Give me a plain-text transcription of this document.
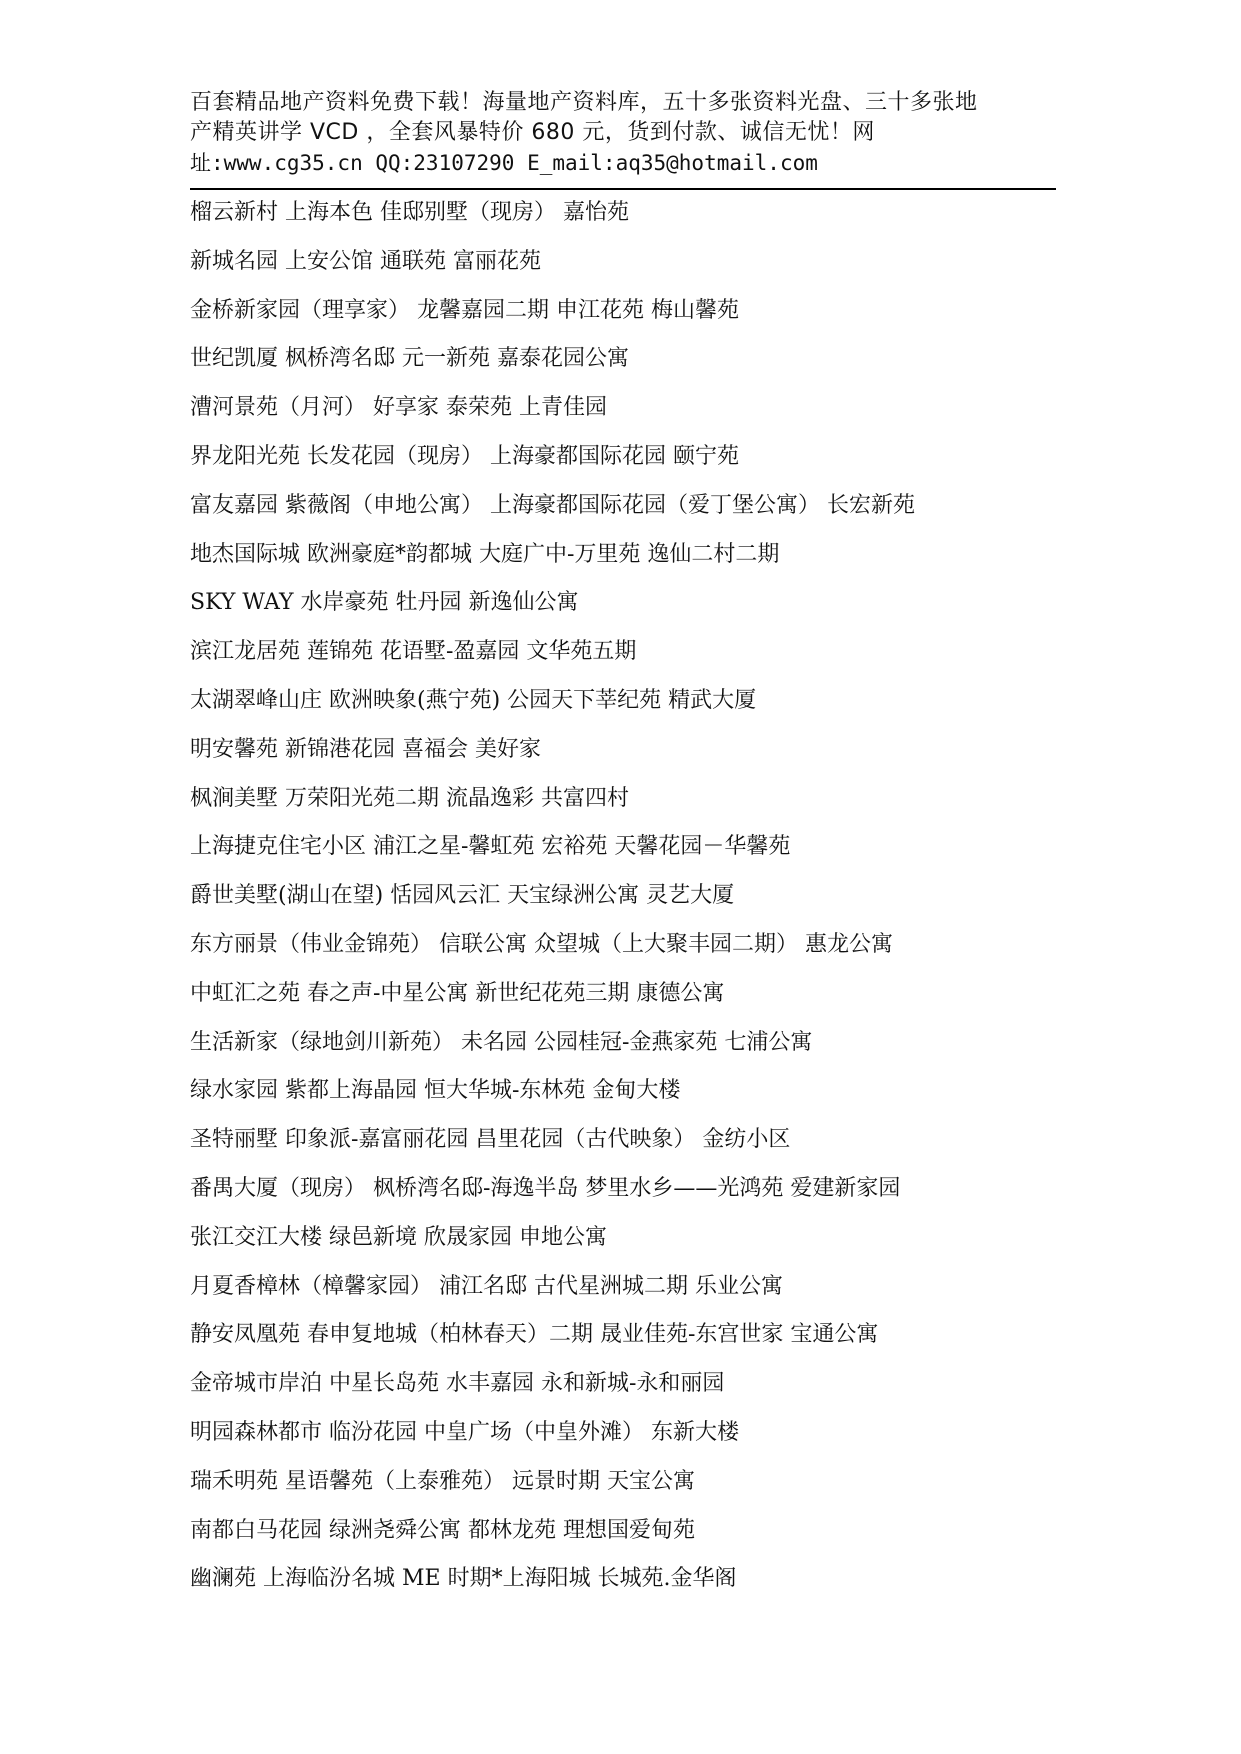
百套精品地产资料免费下载！海量地产资料库，五十多张资料光盘、三十多张地
产精英讲学 VCD ，全套风暴特价 680 元，货到付款、诚信无忧！网
址:www.cg35.cn QQ:23107290 E_mail:aq35@hotmail.com
榴云新村 上海本色 佳邸别墅（现房） 嘉怡苑
新城名园 上安公馆 通联苑 富丽花苑
金桥新家园（理享家） 龙馨嘉园二期 申江花苑 梅山馨苑
世纪凯厦 枫桥湾名邸 元一新苑 嘉泰花园公寓
漕河景苑（月河） 好享家 泰荣苑 上青佳园
界龙阳光苑 长发花园（现房） 上海豪都国际花园 颐宁苑
富友嘉园 紫薇阁（申地公寓） 上海豪都国际花园（爱丁堡公寓） 长宏新苑
地杰国际城 欧洲豪庭*韵都城 大庭广中-万里苑 逸仙二村二期
SKY WAY 水岸豪苑 牡丹园 新逸仙公寓
滨江龙居苑 莲锦苑 花语墅-盈嘉园 文华苑五期
太湖翠峰山庄 欧洲映象(燕宁苑) 公园天下莘纪苑 精武大厦
明安馨苑 新锦港花园 喜福会 美好家
枫涧美墅 万荣阳光苑二期 流晶逸彩 共富四村
上海捷克住宅小区 浦江之星-馨虹苑 宏裕苑 天馨花园－华馨苑
爵世美墅(湖山在望) 恬园风云汇 天宝绿洲公寓 灵艺大厦
东方丽景（伟业金锦苑） 信联公寓 众望城（上大聚丰园二期） 惠龙公寓
中虹汇之苑 春之声-中星公寓 新世纪花苑三期 康德公寓
生活新家（绿地剑川新苑） 未名园 公园桂冠-金燕家苑 七浦公寓
绿水家园 紫都上海晶园 恒大华城-东林苑 金甸大楼
圣特丽墅 印象派-嘉富丽花园 昌里花园（古代映象） 金纺小区
番禺大厦（现房） 枫桥湾名邸-海逸半岛 梦里水乡——光鸿苑 爱建新家园
张江交江大楼 绿邑新境 欣晟家园 申地公寓
月夏香樟林（樟馨家园） 浦江名邸 古代星洲城二期 乐业公寓
静安凤凰苑 春申复地城（柏林春天）二期 晟业佳苑-东宫世家 宝通公寓
金帝城市岸泊 中星长岛苑 水丰嘉园 永和新城-永和丽园
明园森林都市 临汾花园 中皇广场（中皇外滩） 东新大楼
瑞禾明苑 星语馨苑（上泰雅苑） 远景时期 天宝公寓
南都白马花园 绿洲尧舜公寓 都林龙苑 理想国爱甸苑
幽澜苑 上海临汾名城 ME 时期*上海阳城 长城苑.金华阁
